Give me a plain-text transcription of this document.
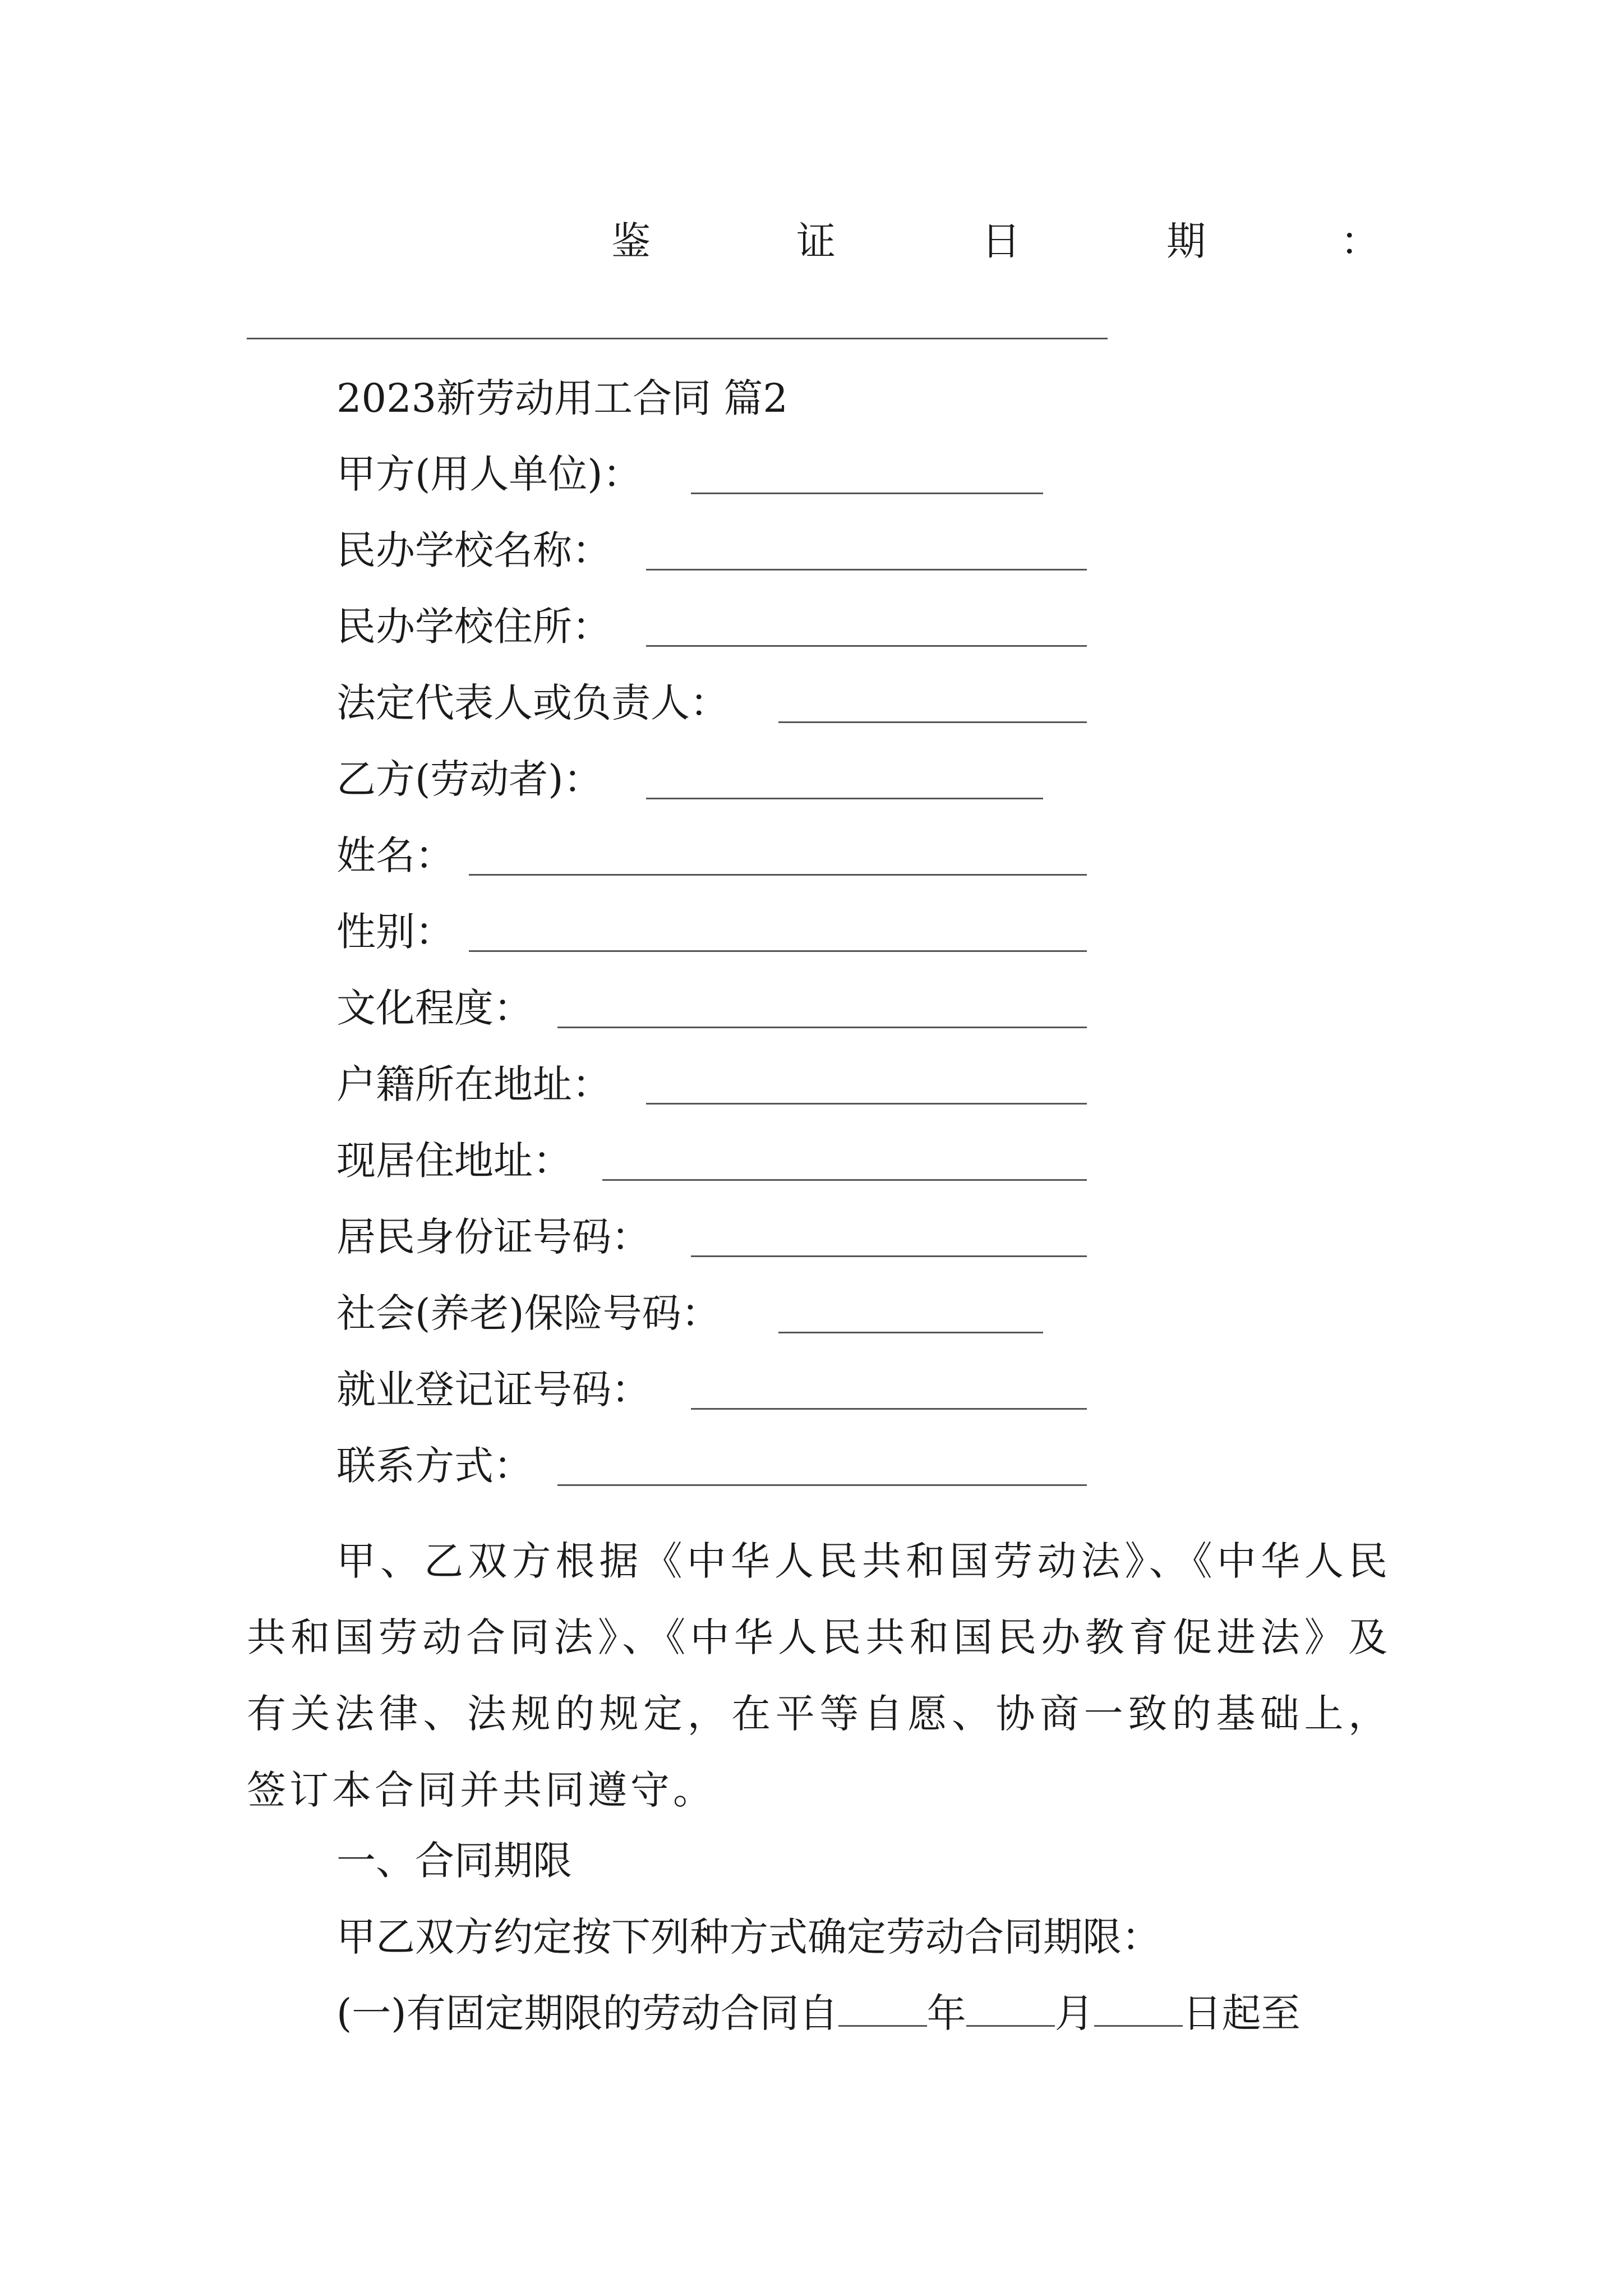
鉴	证	日	期	：
2023新劳动用工合同 篇2
甲方(用人单位)：
民办学校名称：
民办学校住所：
法定代表人或负责人：
乙方(劳动者)：
姓名：
性别：
文化程度：
户籍所在地址：
现居住地址：
居民身份证号码：
社会(养老)保险号码：
就业登记证号码：
联系方式：
甲、乙双方根据《中华人民共和国劳动法》、《中华人民共和国劳动合同法》、《中华人民共和国民办教育促进法》及有关法律、法规的规定，在平等自愿、协商一致的基础上，签订本合同并共同遵守。
一、合同期限
甲乙双方约定按下列种方式确定劳动合同期限：
(一)有固定期限的劳动合同自 年 月 日起至
